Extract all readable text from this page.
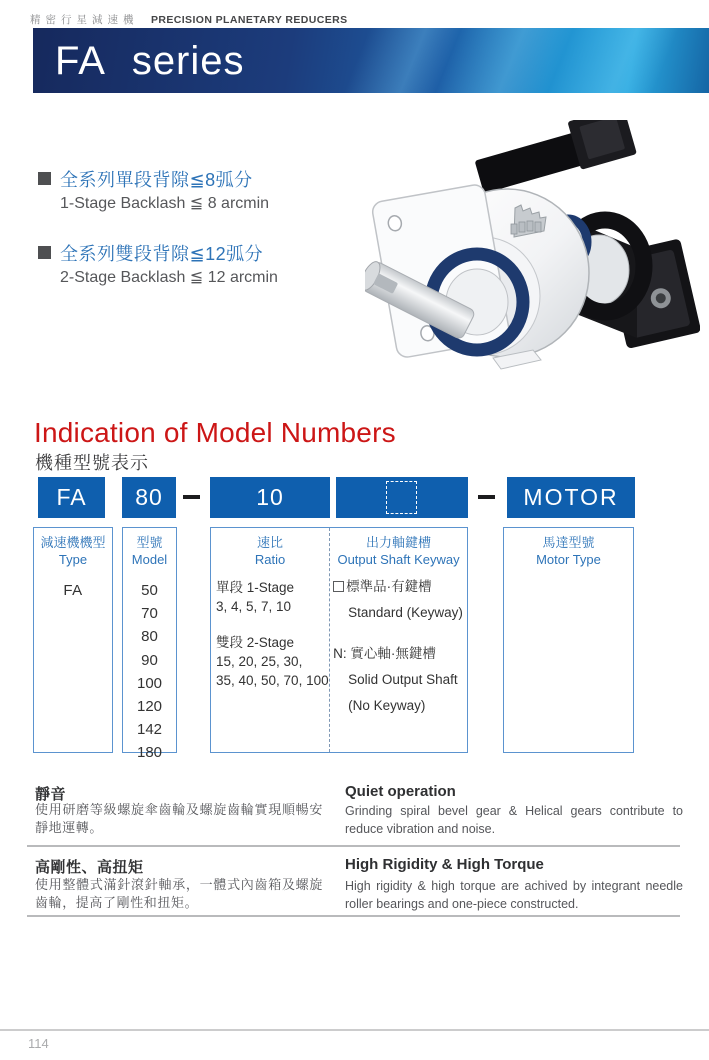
精密行星減速機 PRECISION PLANETARY REDUCERS
FA series
全系列單段背隙≦8弧分
1-Stage Backlash ≦ 8 arcmin
全系列雙段背隙≦12弧分
2-Stage Backlash ≦ 12 arcmin
Indication of Model Numbers
機種型號表示
FA	80	10	MOTOR
減速機機型
Type
FA
型號
Model
50
70
80
90
100
120
142
180
速比
Ratio
單段 1-Stage
3, 4, 5, 7, 10
雙段 2-Stage
15, 20, 25, 30,
35, 40, 50, 70, 100
出力軸鍵槽
Output Shaft Keyway
標準品·有鍵槽
Standard (Keyway)
N: 實心軸·無鍵槽
Solid Output Shaft
(No Keyway)
馬達型號
Motor Type
靜音
使用研磨等級螺旋傘齒輪及螺旋齒輪實現順暢安靜地運轉。
Quiet operation
Grinding spiral bevel gear & Helical gears contribute to reduce vibration and noise.
高剛性、高扭矩
使用整體式滿針滾針軸承，一體式內齒箱及螺旋齒輪，提高了剛性和扭矩。
High Rigidity & High Torque
High rigidity & high torque are achived by integrant needle roller bearings and one-piece constructed.
114
